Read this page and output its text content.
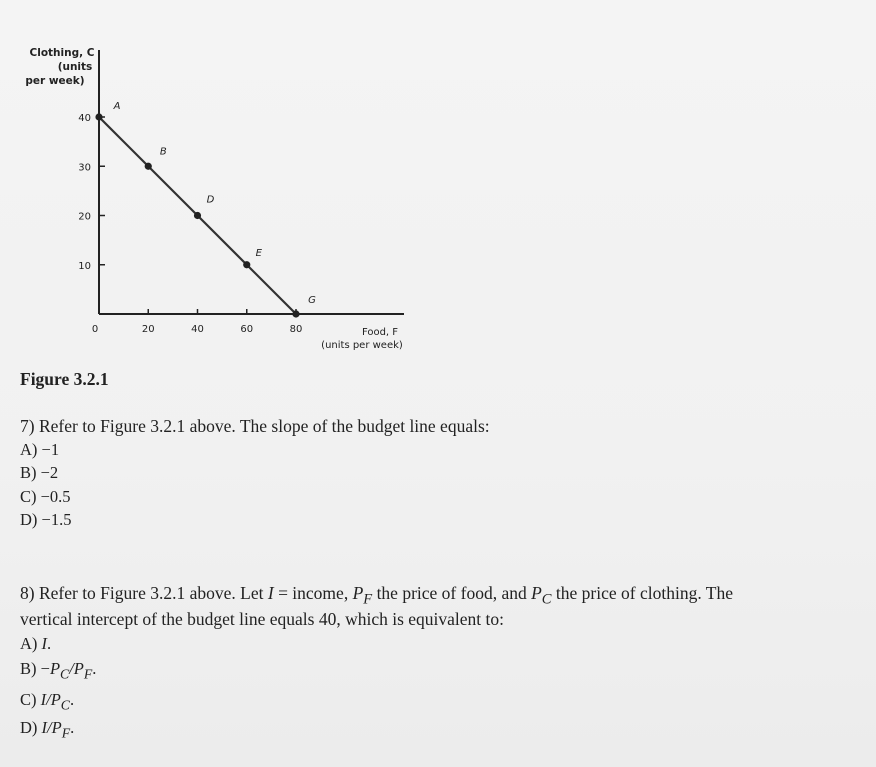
10
20
30
40
20	40	60	80
0
A
B
D
E
G
Clothing, C
(units
per week)
Food, F
(units per week)
Figure 3.2.1
7) Refer to Figure 3.2.1 above. The slope of the budget line equals:
A) −1
B) −2
C) −0.5
D) −1.5
8) Refer to Figure 3.2.1 above. Let I = income, $P_F$ the price of food, and $P_C$ the price of clothing. The
vertical intercept of the budget line equals 40, which is equivalent to:
A) I.
$B) -P_C/P_F$.
C) $I/P_C$.
D) $I/P_F$.
